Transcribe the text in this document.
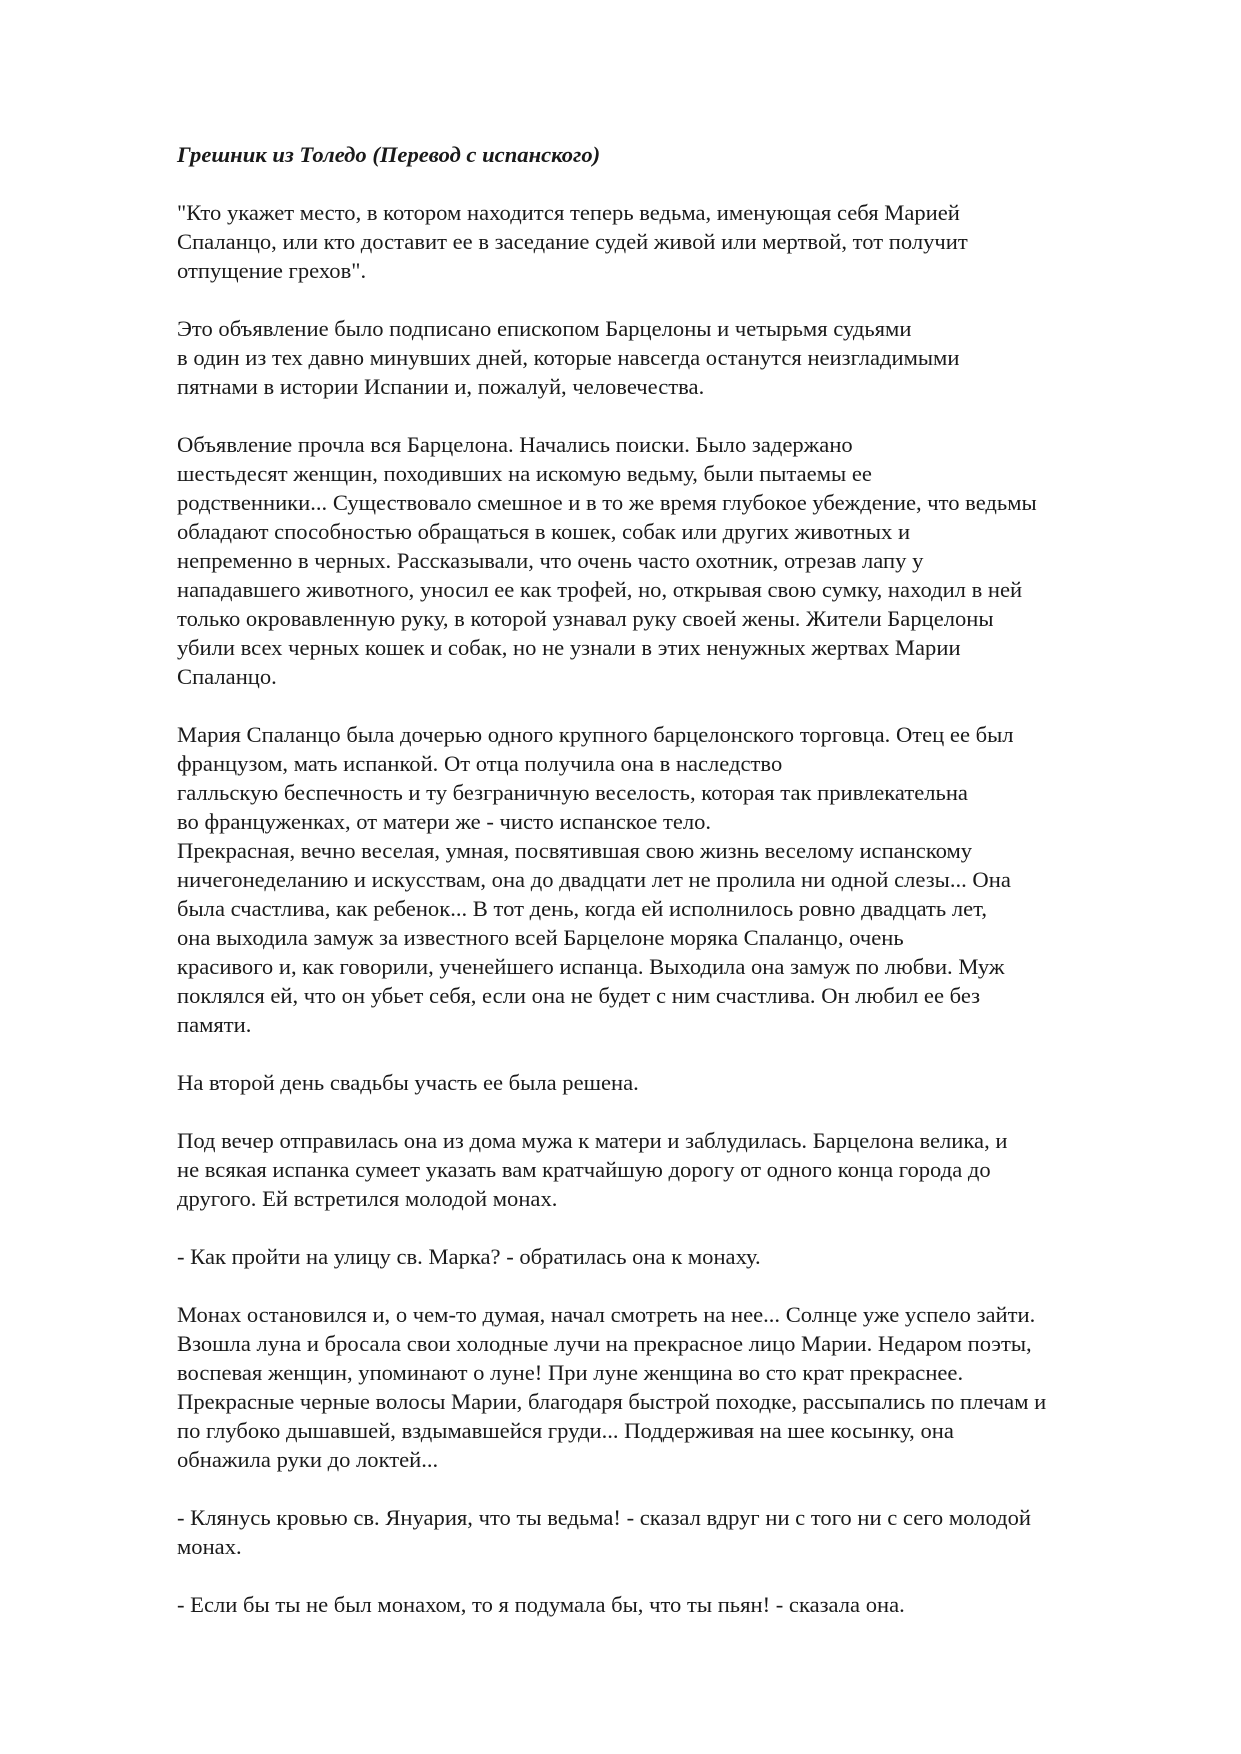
Грешник из Толедо (Перевод с испанского)

"Кто укажет место, в котором находится теперь ведьма, именующая себя Марией
Спаланцо, или кто доставит ее в заседание судей живой или мертвой, тот получит
отпущение грехов".
Это объявление было подписано епископом Барцелоны и четырьмя судьями
в один из тех давно минувших дней, которые навсегда останутся неизгладимыми
пятнами в истории Испании и, пожалуй, человечества.
Объявление прочла вся Барцелона. Начались поиски. Было задержано
шестьдесят женщин, походивших на искомую ведьму, были пытаемы ее
родственники... Существовало смешное и в то же время глубокое убеждение, что ведьмы
обладают способностью обращаться в кошек, собак или других животных и
непременно в черных. Рассказывали, что очень часто охотник, отрезав лапу у
нападавшего животного, уносил ее как трофей, но, открывая свою сумку, находил в ней
только окровавленную руку, в которой узнавал руку своей жены. Жители Барцелоны
убили всех черных кошек и собак, но не узнали в этих ненужных жертвах Марии
Спаланцо.
Мария Спаланцо была дочерью одного крупного барцелонского торговца. Отец ее был
французом, мать испанкой. От отца получила она в наследство
галльскую беспечность и ту безграничную веселость, которая так привлекательна
во француженках, от матери же - чисто испанское тело.
Прекрасная, вечно веселая, умная, посвятившая свою жизнь веселому испанскому
ничегонеделанию и искусствам, она до двадцати лет не пролила ни одной слезы... Она
была счастлива, как ребенок... В тот день, когда ей исполнилось ровно двадцать лет,
она выходила замуж за известного всей Барцелоне моряка Спаланцо, очень
красивого и, как говорили, ученейшего испанца. Выходила она замуж по любви. Муж
поклялся ей, что он убьет себя, если она не будет с ним счастлива. Он любил ее без
памяти.
На второй день свадьбы участь ее была решена.
Под вечер отправилась она из дома мужа к матери и заблудилась. Барцелона велика, и
не всякая испанка сумеет указать вам кратчайшую дорогу от одного конца города до
другого. Ей встретился молодой монах.
- Как пройти на улицу св. Марка? - обратилась она к монаху.
Монах остановился и, о чем-то думая, начал смотреть на нее... Солнце уже успело зайти.
Взошла луна и бросала свои холодные лучи на прекрасное лицо Марии. Недаром поэты,
воспевая женщин, упоминают о луне! При луне женщина во сто крат прекраснее.
Прекрасные черные волосы Марии, благодаря быстрой походке, рассыпались по плечам и
по глубоко дышавшей, вздымавшейся груди... Поддерживая на шее косынку, она
обнажила руки до локтей...
- Клянусь кровью св. Януария, что ты ведьма! - сказал вдруг ни с того ни с сего молодой
монах.
- Если бы ты не был монахом, то я подумала бы, что ты пьян! - сказала она.
